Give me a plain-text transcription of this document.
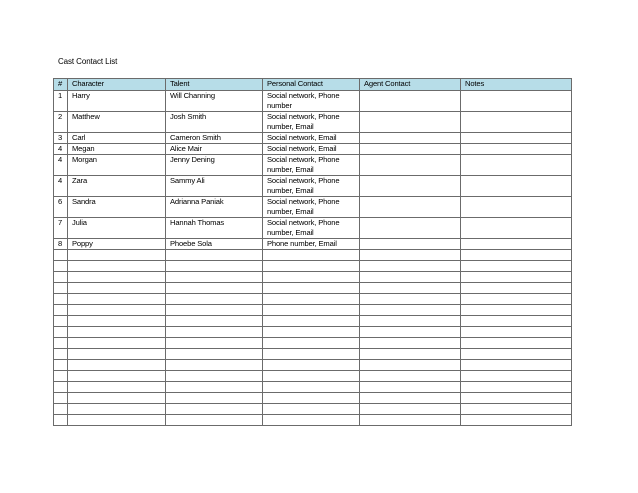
Cast Contact List
#	Character	Talent	Personal Contact	Agent Contact	Notes
1	Harry	Will Channing	Social network, Phone number		
2	Matthew	Josh Smith	Social network, Phone number, Email		
3	Carl	Cameron Smith	Social network, Email		
4	Megan	Alice Mair	Social network, Email		
4	Morgan	Jenny Dening	Social network, Phone number, Email		
4	Zara	Sammy Ali	Social network, Phone number, Email		
6	Sandra	Adrianna Paniak	Social network, Phone number, Email		
7	Julia	Hannah Thomas	Social network, Phone number, Email		
8	Poppy	Phoebe Sola	Phone number, Email		
